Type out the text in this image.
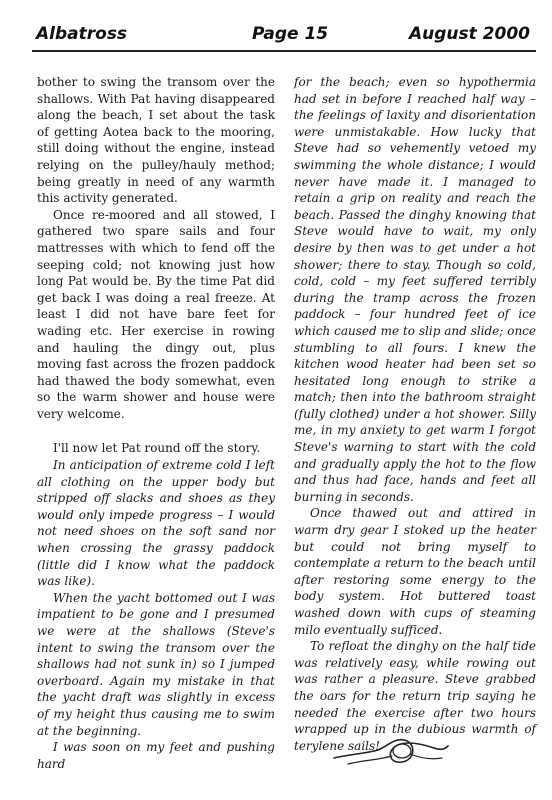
Albatross	Page 15	August 2000

bother to swing the transom over the shallows. With Pat having disappeared along the beach, I set about the task of getting Aotea back to the mooring, still doing without the engine, instead relying on the pulley/hauly method; being greatly in need of any warmth this activity generated.

Once re-moored and all stowed, I gathered two spare sails and four mattresses with which to fend off the seeping cold; not knowing just how long Pat would be. By the time Pat did get back I was doing a real freeze. At least I did not have bare feet for wading etc. Her exercise in rowing and hauling the dingy out, plus moving fast across the frozen paddock had thawed the body somewhat, even so the warm shower and house were very welcome.

I'll now let Pat round off the story.

In anticipation of extreme cold I left all clothing on the upper body but stripped off slacks and shoes as they would only impede progress – I would not need shoes on the soft sand nor when crossing the grassy paddock (little did I know what the paddock was like).

When the yacht bottomed out I was impatient to be gone and I presumed we were at the shallows (Steve's intent to swing the transom over the shallows had not sunk in) so I jumped overboard. Again my mistake in that the yacht draft was slightly in excess of my height thus causing me to swim at the beginning.

I was soon on my feet and pushing hard

for the beach; even so hypothermia had set in before I reached half way – the feelings of laxity and disorientation were unmistakable. How lucky that Steve had so vehemently vetoed my swimming the whole distance; I would never have made it. I managed to retain a grip on reality and reach the beach. Passed the dinghy knowing that Steve would have to wait, my only desire by then was to get under a hot shower; there to stay. Though so cold, cold, cold – my feet suffered terribly during the tramp across the frozen paddock – four hundred feet of ice which caused me to slip and slide; once stumbling to all fours. I knew the kitchen wood heater had been set so hesitated long enough to strike a match; then into the bathroom straight (fully clothed) under a hot shower. Silly me, in my anxiety to get warm I forgot Steve's warning to start with the cold and gradually apply the hot to the flow and thus had face, hands and feet all burning in seconds.

Once thawed out and attired in warm dry gear I stoked up the heater but could not bring myself to contemplate a return to the beach until after restoring some energy to the body system. Hot buttered toast washed down with cups of steaming milo eventually sufficed.

To refloat the dinghy on the half tide was relatively easy, while rowing out was rather a pleasure. Steve grabbed the oars for the return trip saying he needed the exercise after two hours wrapped up in the dubious warmth of terylene sails!
